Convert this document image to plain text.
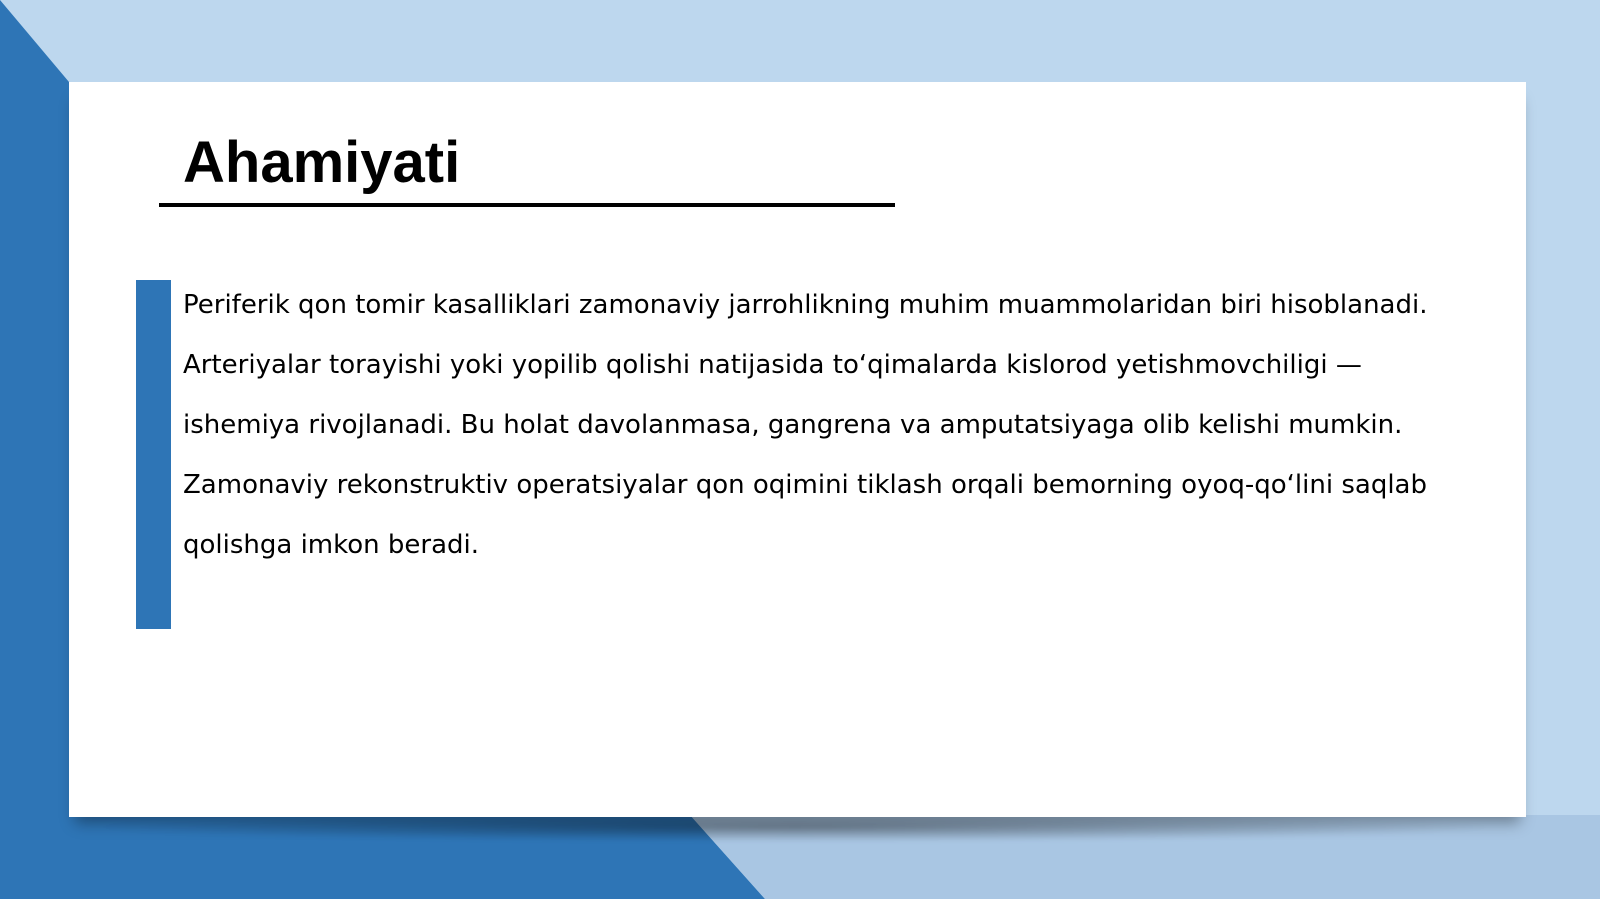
Ahamiyati

Periferik qon tomir kasalliklari zamonaviy jarrohlikning muhim muammolaridan biri hisoblanadi. Arteriyalar torayishi yoki yopilib qolishi natijasida to‘qimalarda kislorod yetishmovchiligi — ishemiya rivojlanadi. Bu holat davolanmasa, gangrena va amputatsiyaga olib kelishi mumkin.

Zamonaviy rekonstruktiv operatsiyalar qon oqimini tiklash orqali bemorning oyoq-qo‘lini saqlab qolishga imkon beradi.
